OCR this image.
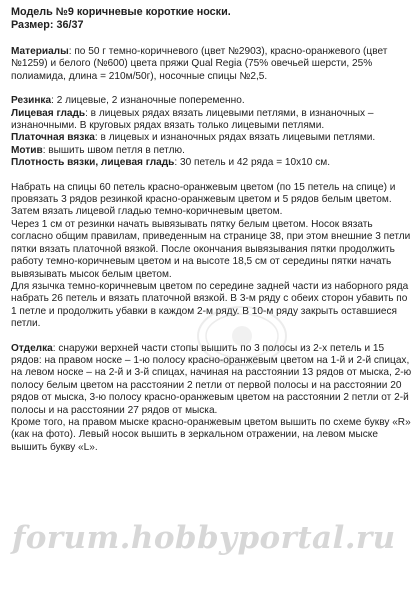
Модель №9 коричневые короткие носки.

Размер: 36/37

Материалы: по 50 г темно-коричневого (цвет №2903), красно-оранжевого (цвет №1259) и белого (№600) цвета пряжи Qual Regia (75% овечьей шерсти, 25% полиамида, длина = 210м/50г), носочные спицы №2,5.

Резинка: 2 лицевые, 2 изнаночные попеременно.

Лицевая гладь: в лицевых рядах вязать лицевыми петлями, в изнаночных – изнаночными. В круговых рядах вязать только лицевыми петлями.

Платочная вязка: в лицевых и изнаночных рядах вязать лицевыми петлями.

Мотив: вышить швом петля в петлю.

Плотность вязки, лицевая гладь: 30 петель и 42 ряда = 10х10 см.

Набрать на спицы 60 петель красно-оранжевым цветом (по 15 петель на спице) и провязать 3 рядов резинкой красно-оранжевым цветом и 5 рядов белым цветом. Затем вязать лицевой гладью темно-коричневым цветом.

Через 1 см от резинки начать вывязывать пятку белым цветом. Носок вязать согласно общим правилам, приведенным на странице 38, при этом внешние 3 петли пятки вязать платочной вязкой. После окончания вывязывания пятки продолжить работу темно-коричневым цветом и на высоте 18,5 см от середины пятки начать вывязывать мысок белым цветом.

Для язычка темно-коричневым цветом по середине задней части из наборного ряда набрать 26 петель и вязать платочной вязкой. В 3-м ряду с обеих сторон убавить по 1 петле и продолжить убавки в каждом 2-м ряду. В 10-м ряду закрыть оставшиеся петли.

Отделка: снаружи верхней части стопы вышить по 3 полосы из 2-х петель и 15 рядов: на правом носке – 1-ю полосу красно-оранжевым цветом на 1-й и 2-й спицах, на левом носке – на 2-й и 3-й спицах, начиная на расстоянии 13 рядов от мыска, 2-ю полосу белым цветом на расстоянии 2 петли от первой полосы и на расстоянии 20 рядов от мыска, 3-ю полосу красно-оранжевым цветом на расстоянии 2 петли от 2-й полосы и на расстоянии 27 рядов от мыска.

Кроме того, на правом мыске красно-оранжевым цветом вышить по схеме букву «R» (как на фото). Левый носок вышить в зеркальном отражении, на левом мыске вышить букву «L».

forum.hobbyportal.ru
